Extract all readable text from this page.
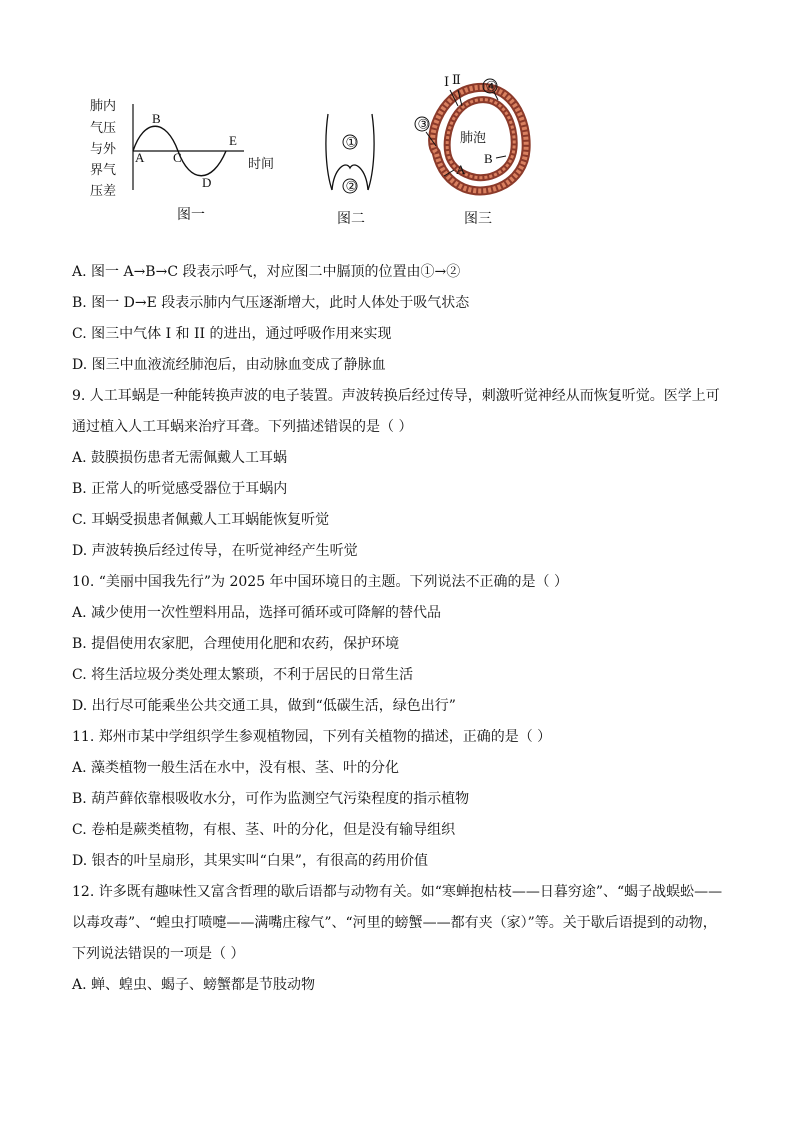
肺内
气压
与外
界气
压差
A
B
C
D
E
时间
图一
①
②
图二
肺泡
Ⅰ Ⅱ
③
④
A
B
图三
A. 图一 A→B→C 段表示呼气，对应图二中膈顶的位置由①→②
B. 图一 D→E 段表示肺内气压逐渐增大，此时人体处于吸气状态
C. 图三中气体 I 和 II 的进出，通过呼吸作用来实现
D. 图三中血液流经肺泡后，由动脉血变成了静脉血
9. 人工耳蜗是一种能转换声波的电子装置。声波转换后经过传导，刺激听觉神经从而恢复听觉。医学上可
通过植入人工耳蜗来治疗耳聋。下列描述错误的是（ ）
A. 鼓膜损伤患者无需佩戴人工耳蜗
B. 正常人的听觉感受器位于耳蜗内
C. 耳蜗受损患者佩戴人工耳蜗能恢复听觉
D. 声波转换后经过传导，在听觉神经产生听觉
10. “美丽中国我先行”为 2025 年中国环境日的主题。下列说法不正确的是（ ）
A. 减少使用一次性塑料用品，选择可循环或可降解的替代品
B. 提倡使用农家肥，合理使用化肥和农药，保护环境
C. 将生活垃圾分类处理太繁琐，不利于居民的日常生活
D. 出行尽可能乘坐公共交通工具，做到“低碳生活，绿色出行”
11. 郑州市某中学组织学生参观植物园，下列有关植物的描述，正确的是（ ）
A. 藻类植物一般生活在水中，没有根、茎、叶的分化
B. 葫芦藓依靠根吸收水分，可作为监测空气污染程度的指示植物
C. 卷柏是蕨类植物，有根、茎、叶的分化，但是没有输导组织
D. 银杏的叶呈扇形，其果实叫“白果”，有很高的药用价值
12. 许多既有趣味性又富含哲理的歇后语都与动物有关。如“寒蝉抱枯枝——日暮穷途”、“蝎子战蜈蚣——
以毒攻毒”、“蝗虫打喷嚏——满嘴庄稼气”、“河里的螃蟹——都有夹（家）”等。关于歇后语提到的动物，
下列说法错误的一项是（ ）
A. 蝉、蝗虫、蝎子、螃蟹都是节肢动物
